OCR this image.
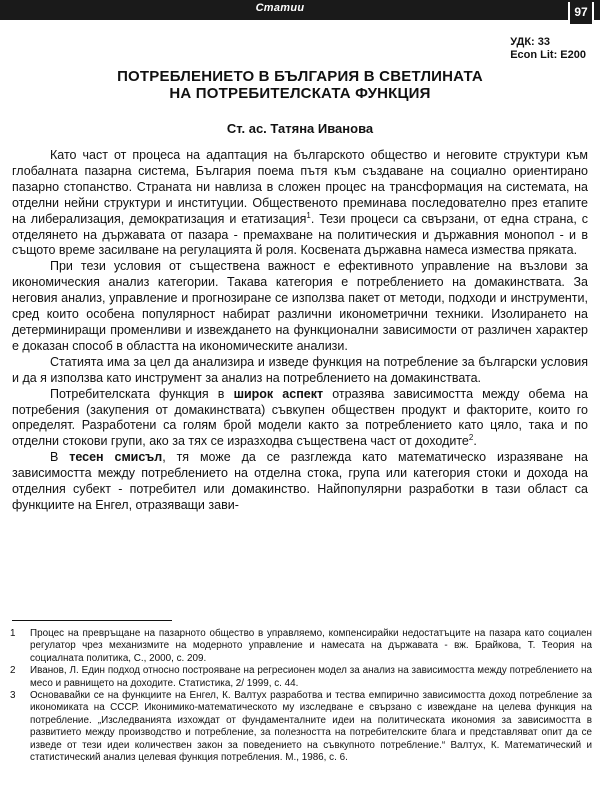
Статии	97
УДК: 33
Econ Lit: E200
ПОТРЕБЛЕНИЕТО В БЪЛГАРИЯ В СВЕТЛИНАТА
НА ПОТРЕБИТЕЛСКАТА ФУНКЦИЯ
Ст. ас. Татяна Иванова

Като част от процеса на адаптация на българското общество и неговите структури към глобалната пазарна система, България поема пътя към създаване на социално ориентирано пазарно стопанство. Страната ни навлиза в сложен процес на трансформация на системата, на отделни нейни структури и институции. Общественото преминава последователно през етапите на либерализация, демократизация и етатизация$^1$. Тези процеси са свързани, от една страна, с отделянето на държавата от пазара - премахване на политическия и държавния монопол - и в същото време засилване на регулацията й роля. Косвената държавна намеса измества пряката.

При тези условия от съществена важност е ефективното управление на възлови за икономическия анализ категории. Такава категория е потреблението на домакинствата. За неговия анализ, управление и прогнозиране се използва пакет от методи, подходи и инструменти, сред които особена популярност набират различни иконометрични техники. Изолирането на детерминиращи променливи и извеждането на функционални зависимости от различен характер е доказан способ в областта на икономическите анализи.

Статията има за цел да анализира и изведе функция на потребление за български условия и да я използва като инструмент за анализ на потреблението на домакинствата.

Потребителската функция в широк аспект отразява зависимостта между обема на потребения (закупения от домакинствата) съвкупен обществен продукт и факторите, които го определят. Разработени са голям брой модели както за потреблението като цяло, така и по отделни стокови групи, ако за тях се изразходва съществена част от доходите$^2$.

В тесен смисъл, тя може да се разглежда като математическо изразяване на зависимостта между потреблението на отделна стока, група или категория стоки и дохода на отделния субект - потребител или домакинство. Найпопулярни разработки в тази област са функциите на Енгел, отразяващи зави-

1	Процес на превръщане на пазарното общество в управляемо, компенсирайки недостатъците на пазара като социален регулатор чрез механизмите на модерното управление и намесата на държавата - вж. Брайкова, Т. Теория на социалната политика, С., 2000, с. 209.
2	Иванов, Л. Един подход относно построяване на регресионен модел за анализ на зависимостта между потреблението на месо и равнището на доходите. Статистика, 2/ 1999, с. 44.
3	Основавайки се на функциите на Енгел, К. Валтух разработва и тества емпирично зависимостта доход потребление за икономиката на СССР. Иконимико-математическото му изследване е свързано с извеждане на целева функция на потребление. „Изследванията изхождат от фундаменталните идеи на политическата икономия за зависимостта в развитието между производство и потребление, за полезността на потребителските блага и представляват опит да се изведе от тези идеи количествен закон за поведението на съвкупното потребление.“ Валтух, К. Математический и статистический анализ целевая функция потребления. М., 1986, с. 6.
